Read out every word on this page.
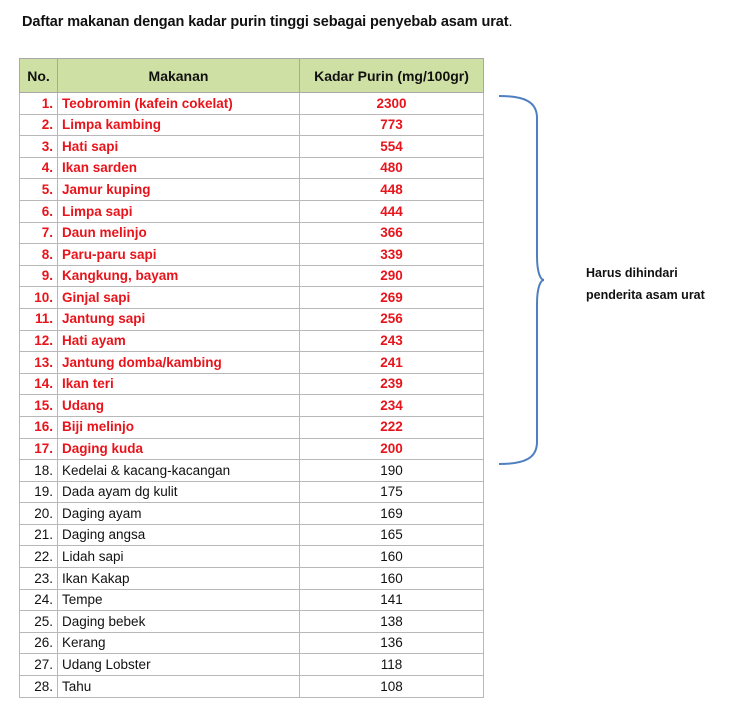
Daftar makanan dengan kadar purin tinggi sebagai penyebab asam urat.
No.	Makanan	Kadar Purin (mg/100gr)
1.	Teobromin (kafein cokelat)	2300
2.	Limpa kambing	773
3.	Hati sapi	554
4.	Ikan sarden	480
5.	Jamur kuping	448
6.	Limpa sapi	444
7.	Daun melinjo	366
8.	Paru-paru sapi	339
9.	Kangkung, bayam	290
10.	Ginjal sapi	269
11.	Jantung sapi	256
12.	Hati ayam	243
13.	Jantung domba/kambing	241
14.	Ikan teri	239
15.	Udang	234
16.	Biji melinjo	222
17.	Daging kuda	200
18.	Kedelai & kacang-kacangan	190
19.	Dada ayam dg kulit	175
20.	Daging ayam	169
21.	Daging angsa	165
22.	Lidah sapi	160
23.	Ikan Kakap	160
24.	Tempe	141
25.	Daging bebek	138
26.	Kerang	136
27.	Udang Lobster	118
28.	Tahu	108
Harus dihindari
penderita asam urat
